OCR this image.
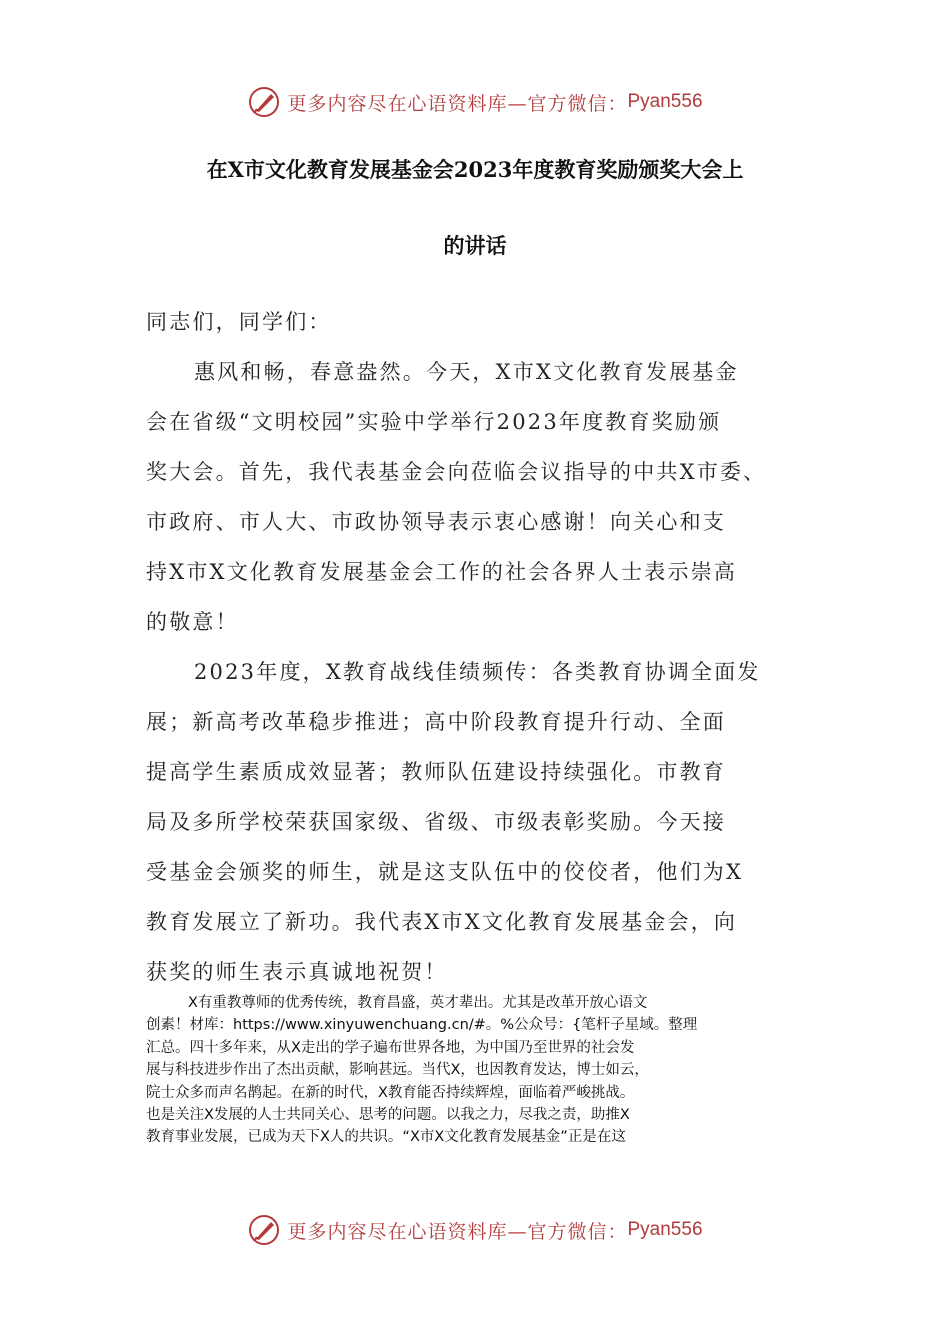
更多内容尽在心语资料库—官方微信： Pyan556
在X市文化教育发展基金会2023年度教育奖励颁奖大会上
的讲话
同志们，同学们：
惠风和畅，春意盎然。今天，X市X文化教育发展基金
会在省级“文明校园”实验中学举行2023年度教育奖励颁
奖大会。首先，我代表基金会向莅临会议指导的中共X市委、
市政府、市人大、市政协领导表示衷心感谢！向关心和支
持X市X文化教育发展基金会工作的社会各界人士表示崇高
的敬意！
2023年度，X教育战线佳绩频传：各类教育协调全面发
展；新高考改革稳步推进；高中阶段教育提升行动、全面
提高学生素质成效显著；教师队伍建设持续强化。市教育
局及多所学校荣获国家级、省级、市级表彰奖励。今天接
受基金会颁奖的师生，就是这支队伍中的佼佼者，他们为X
教育发展立了新功。我代表X市X文化教育发展基金会，向
获奖的师生表示真诚地祝贺！
X有重教尊师的优秀传统，教育昌盛，英才辈出。尤其是改革开放心语文
创素！材库：https://www.xinyuwenchuang.cn/#。%公众号：{笔杆子星域。整理
汇总。四十多年来，从X走出的学子遍布世界各地，为中国乃至世界的社会发
展与科技进步作出了杰出贡献，影响甚远。当代X，也因教育发达，博士如云，
院士众多而声名鹊起。在新的时代，X教育能否持续辉煌，面临着严峻挑战。
也是关注X发展的人士共同关心、思考的问题。以我之力，尽我之责，助推X
教育事业发展，已成为天下X人的共识。“X市X文化教育发展基金”正是在这
更多内容尽在心语资料库—官方微信： Pyan556
